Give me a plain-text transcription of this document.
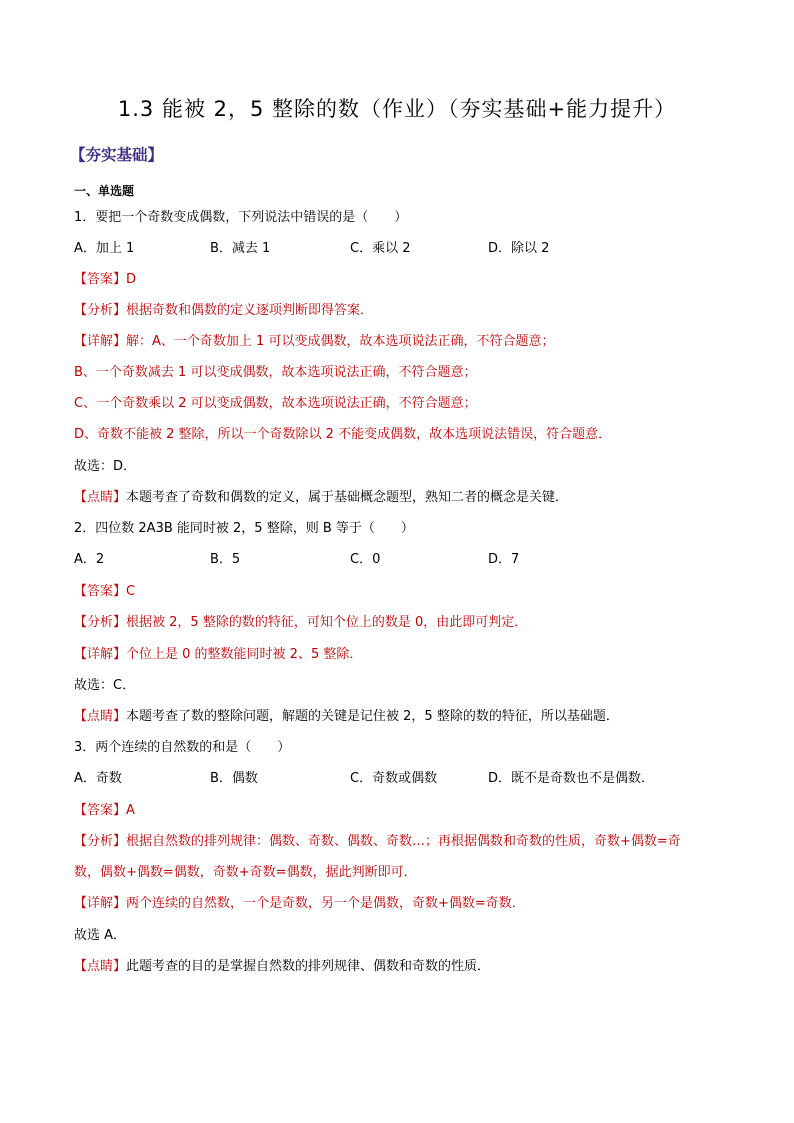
1.3 能被 2，5 整除的数（作业）（夯实基础+能力提升）
【夯实基础】
一、单选题
1．要把一个奇数变成偶数，下列说法中错误的是（　　）
A．加上 1	B．减去 1	C．乘以 2	D．除以 2
【答案】D
【分析】根据奇数和偶数的定义逐项判断即得答案．
【详解】解：A、一个奇数加上 1 可以变成偶数，故本选项说法正确，不符合题意；
B、一个奇数减去 1 可以变成偶数，故本选项说法正确，不符合题意；
C、一个奇数乘以 2 可以变成偶数，故本选项说法正确，不符合题意；
D、奇数不能被 2 整除，所以一个奇数除以 2 不能变成偶数，故本选项说法错误，符合题意．
故选：D．
【点睛】本题考查了奇数和偶数的定义，属于基础概念题型，熟知二者的概念是关键．
2．四位数 2A3B 能同时被 2，5 整除，则 B 等于（　　）
A．2	B．5	C．0	D．7
【答案】C
【分析】根据被 2，5 整除的数的特征，可知个位上的数是 0，由此即可判定．
【详解】个位上是 0 的整数能同时被 2、5 整除．
故选：C．
【点睛】本题考查了数的整除问题，解题的关键是记住被 2，5 整除的数的特征，所以基础题．
3．两个连续的自然数的和是（　　）
A．奇数	B．偶数	C．奇数或偶数	D．既不是奇数也不是偶数．
【答案】A
【分析】根据自然数的排列规律：偶数、奇数、偶数、奇数…；再根据偶数和奇数的性质，奇数+偶数=奇
数，偶数+偶数=偶数，奇数+奇数=偶数，据此判断即可．
【详解】两个连续的自然数，一个是奇数，另一个是偶数，奇数+偶数=奇数．
故选 A．
【点睛】此题考查的目的是掌握自然数的排列规律、偶数和奇数的性质．
